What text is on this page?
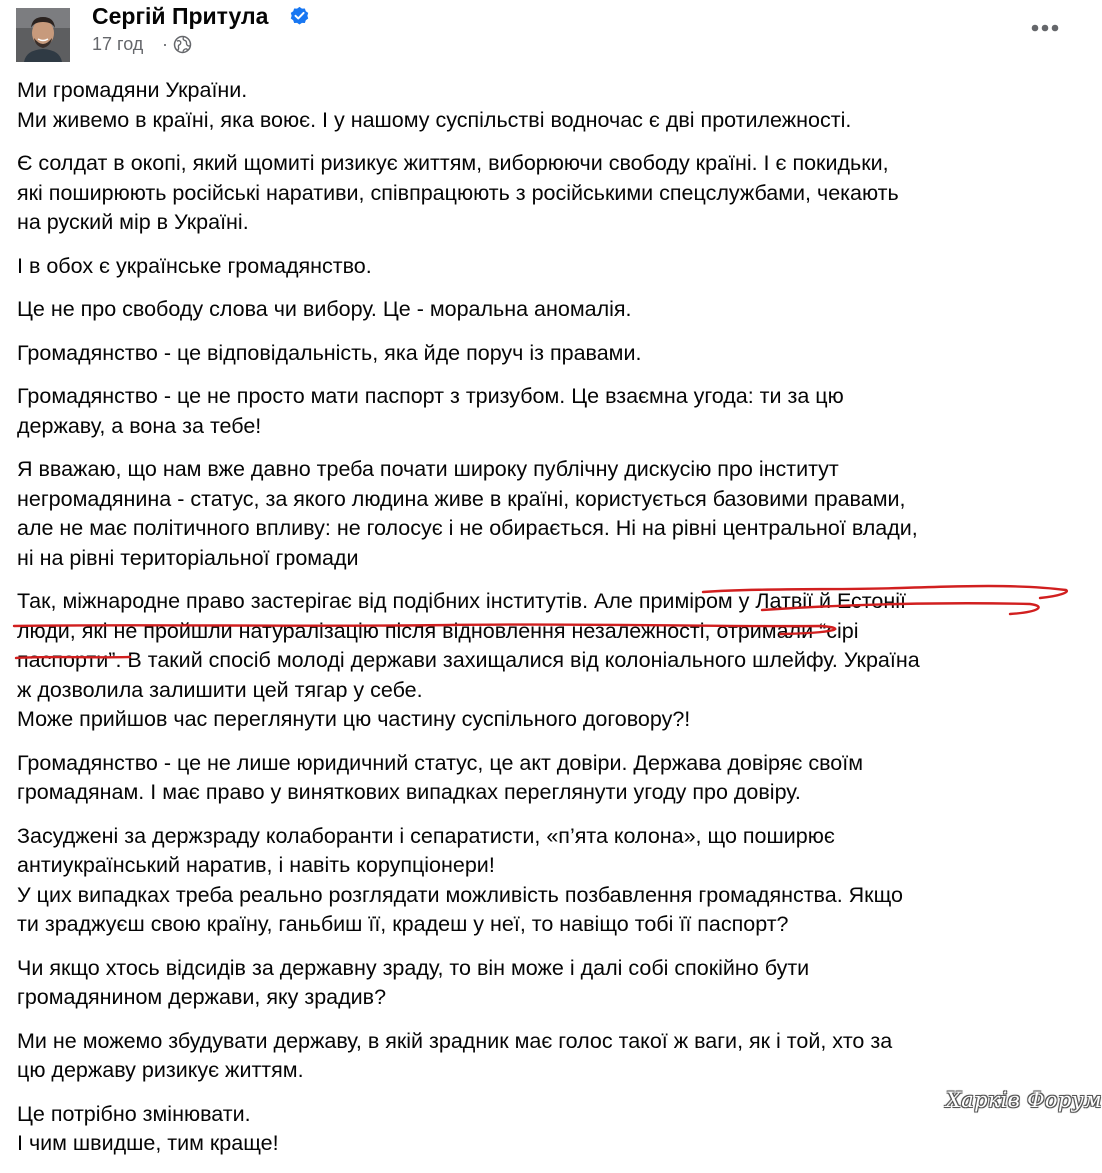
Сергій Притула
17 год ·

Ми громадяни України.
Ми живемо в країні, яка воює. І у нашому суспільстві водночас є дві протилежності.

Є солдат в окопі, який щомиті ризикує життям, виборюючи свободу країні. І є покидьки,
які поширюють російські наративи, співпрацюють з російськими спецслужбами, чекають
на руский мір в Україні.

І в обох є українське громадянство.

Це не про свободу слова чи вибору. Це - моральна аномалія.

Громадянство - це відповідальність, яка йде поруч із правами.

Громадянство - це не просто мати паспорт з тризубом. Це взаємна угода: ти за цю
державу, а вона за тебе!

Я вважаю, що нам вже давно треба почати широку публічну дискусію про інститут
негромадянина - статус, за якого людина живе в країні, користується базовими правами,
але не має політичного впливу: не голосує і не обирається. Ні на рівні центральної влади,
ні на рівні територіальної громади

Так, міжнародне право застерігає від подібних інститутів. Але приміром у Латвії й Естонії
люди, які не пройшли натуралізацію після відновлення незалежності, отримали “сірі
паспорти”. В такий спосіб молоді держави захищалися від колоніального шлейфу. Україна
ж дозволила залишити цей тягар у себе.
Може прийшов час переглянути цю частину суспільного договору?!

Громадянство - це не лише юридичний статус, це акт довіри. Держава довіряє своїм
громадянам. І має право у виняткових випадках переглянути угоду про довіру.

Засуджені за держзраду колаборанти і сепаратисти, «п’ята колона», що поширює
антиукраїнський наратив, і навіть корупціонери!
У цих випадках треба реально розглядати можливість позбавлення громадянства. Якщо
ти зраджуєш свою країну, ганьбиш її, крадеш у неї, то навіщо тобі її паспорт?

Чи якщо хтось відсидів за державну зраду, то він може і далі собі спокійно бути
громадянином держави, яку зрадив?

Ми не можемо збудувати державу, в якій зрадник має голос такої ж ваги, як і той, хто за
цю державу ризикує життям.

Це потрібно змінювати.
І чим швидше, тим краще!

Харків Форум
